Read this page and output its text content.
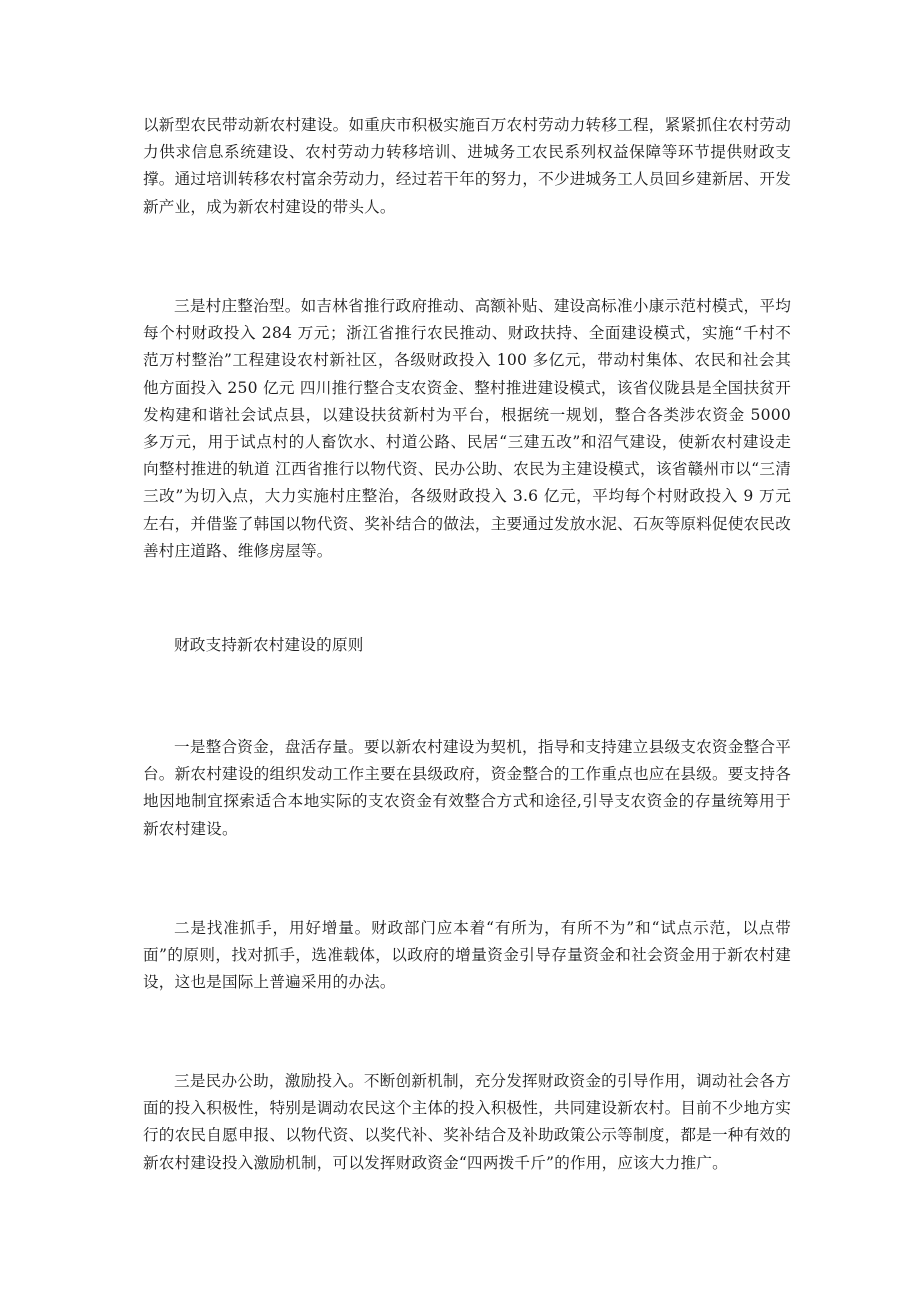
以新型农民带动新农村建设。如重庆市积极实施百万农村劳动力转移工程，紧紧抓住农村劳动力供求信息系统建设、农村劳动力转移培训、进城务工农民系列权益保障等环节提供财政支撑。通过培训转移农村富余劳动力，经过若干年的努力，不少进城务工人员回乡建新居、开发新产业，成为新农村建设的带头人。

三是村庄整治型。如吉林省推行政府推动、高额补贴、建设高标准小康示范村模式，平均每个村财政投入 284 万元；浙江省推行农民推动、财政扶持、全面建设模式，实施“千村不范万村整治”工程建设农村新社区，各级财政投入 100 多亿元，带动村集体、农民和社会其他方面投入 250 亿元 四川推行整合支农资金、整村推进建设模式，该省仪陇县是全国扶贫开发构建和谐社会试点县，以建设扶贫新村为平台，根据统一规划，整合各类涉农资金 5000 多万元，用于试点村的人畜饮水、村道公路、民居“三建五改”和沼气建设，使新农村建设走向整村推进的轨道 江西省推行以物代资、民办公助、农民为主建设模式，该省赣州市以“三清三改”为切入点，大力实施村庄整治，各级财政投入 3.6 亿元，平均每个村财政投入 9 万元左右，并借鉴了韩国以物代资、奖补结合的做法，主要通过发放水泥、石灰等原料促使农民改善村庄道路、维修房屋等。

财政支持新农村建设的原则

一是整合资金，盘活存量。要以新农村建设为契机，指导和支持建立县级支农资金整合平台。新农村建设的组织发动工作主要在县级政府，资金整合的工作重点也应在县级。要支持各地因地制宜探索适合本地实际的支农资金有效整合方式和途径,引导支农资金的存量统筹用于新农村建设。

二是找准抓手，用好增量。财政部门应本着“有所为，有所不为”和“试点示范，以点带面”的原则，找对抓手，选准载体，以政府的增量资金引导存量资金和社会资金用于新农村建设，这也是国际上普遍采用的办法。

三是民办公助，激励投入。不断创新机制，充分发挥财政资金的引导作用，调动社会各方面的投入积极性，特别是调动农民这个主体的投入积极性，共同建设新农村。目前不少地方实行的农民自愿申报、以物代资、以奖代补、奖补结合及补助政策公示等制度，都是一种有效的新农村建设投入激励机制，可以发挥财政资金“四两拨千斤”的作用，应该大力推广。
